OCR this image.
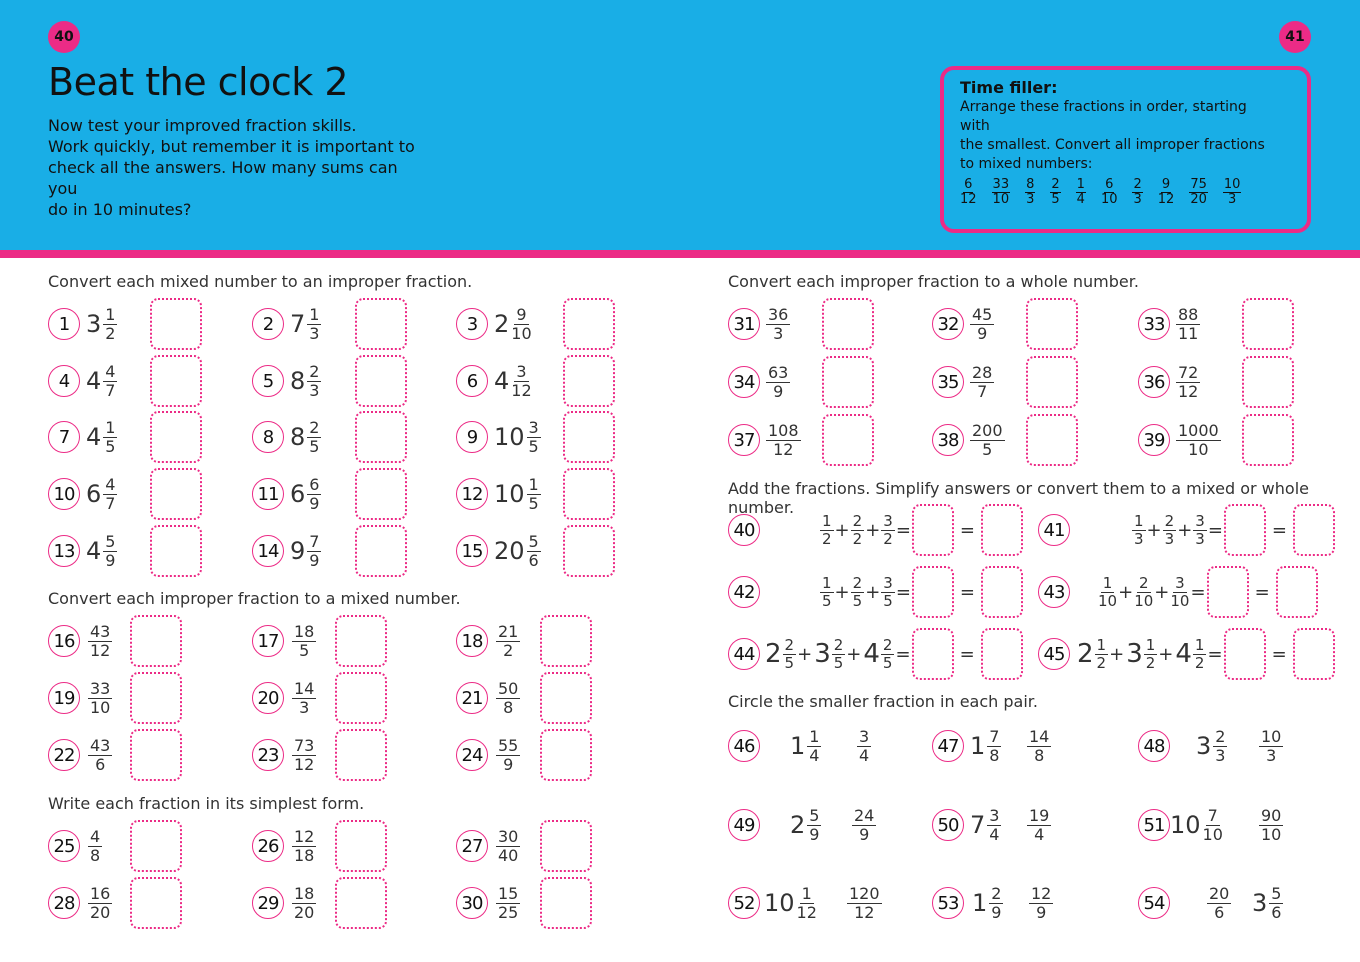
40	41
Beat the clock 2
Now test your improved fraction skills.
Work quickly, but remember it is important to
check all the answers. How many sums can you
do in 10 minutes?
Time filler:
Arrange these fractions in order, starting with
the smallest. Convert all improper fractions
to mixed numbers:
$\frac{6}{12} \frac{33}{10} \frac{8}{3} \frac{2}{5} \frac{1}{4} \frac{6}{10} \frac{2}{3} \frac{9}{12} \frac{75}{20} \frac{10}{3}$
Convert each mixed number to an improper fraction.
Convert each improper fraction to a mixed number.
Write each fraction in its simplest form.
Convert each improper fraction to a whole number.
Add the fractions. Simplify answers or convert them to a mixed or whole number.
Circle the smaller fraction in each pair.
1 $3 \frac{1}{2}$	2 $7 \frac{1}{3}$	3 $2 \frac{9}{10}$
4 $4 \frac{4}{7}$	5 $8 \frac{2}{3}$	6 $4 \frac{3}{12}$
7 $4 \frac{1}{5}$	8 $8 \frac{2}{5}$	9 $10 \frac{3}{5}$
10 $6 \frac{4}{7}$	11 $6 \frac{6}{9}$	12 $10 \frac{1}{5}$
13 $4 \frac{5}{9}$	14 $9 \frac{7}{9}$	15 $20 \frac{5}{6}$
$16 \frac{43}{12}$	$17 \frac{18}{5}$	$18 \frac{21}{2}$
$19 \frac{33}{10}$	$20 \frac{14}{3}$	$21 \frac{50}{8}$
$22 \frac{43}{6}$	$23 \frac{73}{12}$	$24 \frac{55}{9}$
$25 \frac{4}{8}$	$26 \frac{12}{18}$	$27 \frac{30}{40}$
$28 \frac{16}{20}$	$29 \frac{18}{20}$	$30 \frac{15}{25}$
$31 \frac{36}{3}$	$32 \frac{45}{9}$	$33 \frac{88}{11}$
$34 \frac{63}{9}$	$35 \frac{28}{7}$	$36 \frac{72}{12}$
$37 \frac{108}{12}$	$38 \frac{200}{5}$	$39 \frac{1000}{10}$
40	$\frac{1}{2} + \frac{2}{2} + \frac{3}{2}$ =	=	41	$\frac{1}{3} + \frac{2}{3} + \frac{3}{3}$ =	=
42	$\frac{1}{5} + \frac{2}{5} + \frac{3}{5}$ =	=	43	$\frac{1}{10} + \frac{2}{10} + \frac{3}{10}$ =	=
44 $2 \frac{2}{5} + 3 \frac{2}{5} + 4 \frac{2}{5}$ =	=	45 $2 \frac{1}{2} + 3 \frac{1}{2} + 4 \frac{1}{2}$ =	=
46 $1 \frac{1}{4} \frac{3}{4}$	47 $1 \frac{7}{8} \frac{14}{8}$	48 $3 \frac{2}{3} \frac{10}{3}$
49 $2 \frac{5}{9} \frac{24}{9}$	50 $7 \frac{3}{4} \frac{19}{4}$	51 $10 \frac{7}{10} \frac{90}{10}$
52 $10 \frac{1}{12} \frac{120}{12}$	53 $1 \frac{2}{9} \frac{12}{9}$	54	$\frac{20}{6} 3 \frac{5}{6}$
